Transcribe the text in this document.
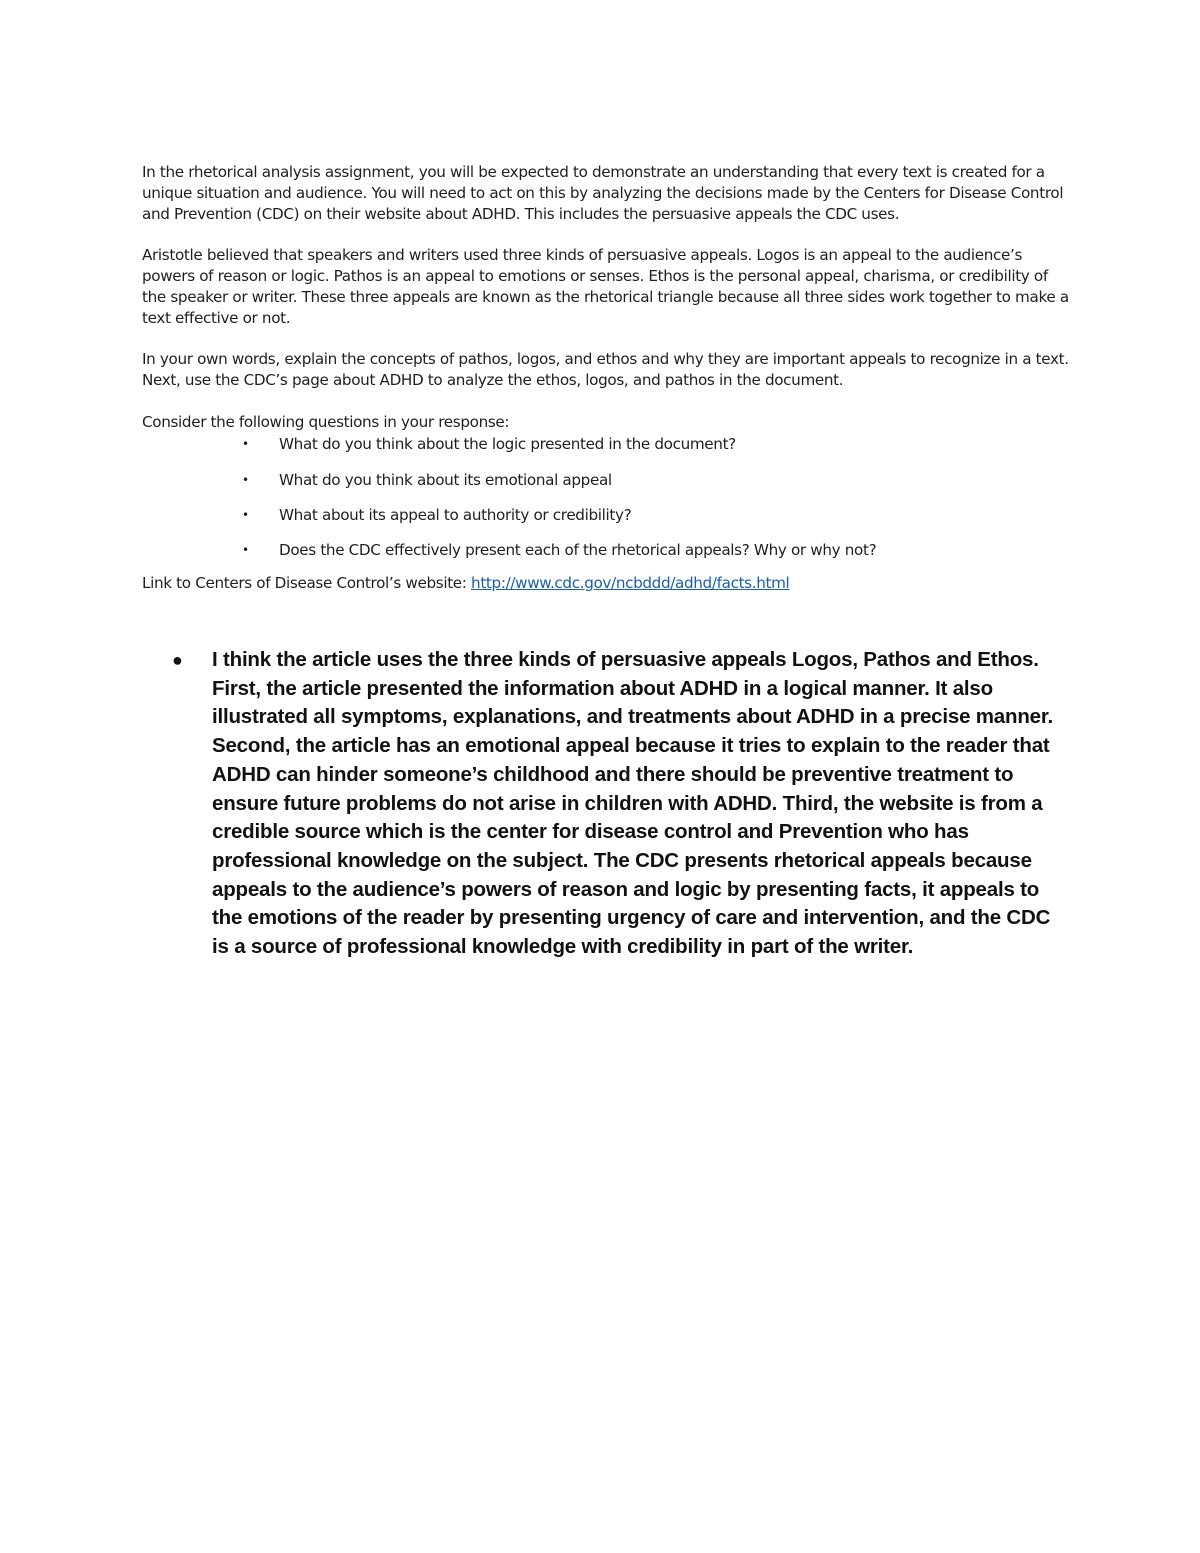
In the rhetorical analysis assignment, you will be expected to demonstrate an understanding that every text is created for a unique situation and audience. You will need to act on this by analyzing the decisions made by the Centers for Disease Control and Prevention (CDC) on their website about ADHD. This includes the persuasive appeals the CDC uses.

Aristotle believed that speakers and writers used three kinds of persuasive appeals. Logos is an appeal to the audience’s powers of reason or logic. Pathos is an appeal to emotions or senses. Ethos is the personal appeal, charisma, or credibility of the speaker or writer. These three appeals are known as the rhetorical triangle because all three sides work together to make a text effective or not.

In your own words, explain the concepts of pathos, logos, and ethos and why they are important appeals to recognize in a text. Next, use the CDC’s page about ADHD to analyze the ethos, logos, and pathos in the document.

Consider the following questions in your response:

• What do you think about the logic presented in the document?
• What do you think about its emotional appeal
• What about its appeal to authority or credibility?
• Does the CDC effectively present each of the rhetorical appeals? Why or why not?

Link to Centers of Disease Control’s website: http://www.cdc.gov/ncbddd/adhd/facts.html

●	I think the article uses the three kinds of persuasive appeals Logos, Pathos and Ethos. First, the article presented the information about ADHD in a logical manner. It also illustrated all symptoms, explanations, and treatments about ADHD in a precise manner. Second, the article has an emotional appeal because it tries to explain to the reader that ADHD can hinder someone’s childhood and there should be preventive treatment to ensure future problems do not arise in children with ADHD. Third, the website is from a credible source which is the center for disease control and Prevention who has professional knowledge on the subject. The CDC presents rhetorical appeals because appeals to the audience’s powers of reason and logic by presenting facts, it appeals to the emotions of the reader by presenting urgency of care and intervention, and the CDC is a source of professional knowledge with credibility in part of the writer.
